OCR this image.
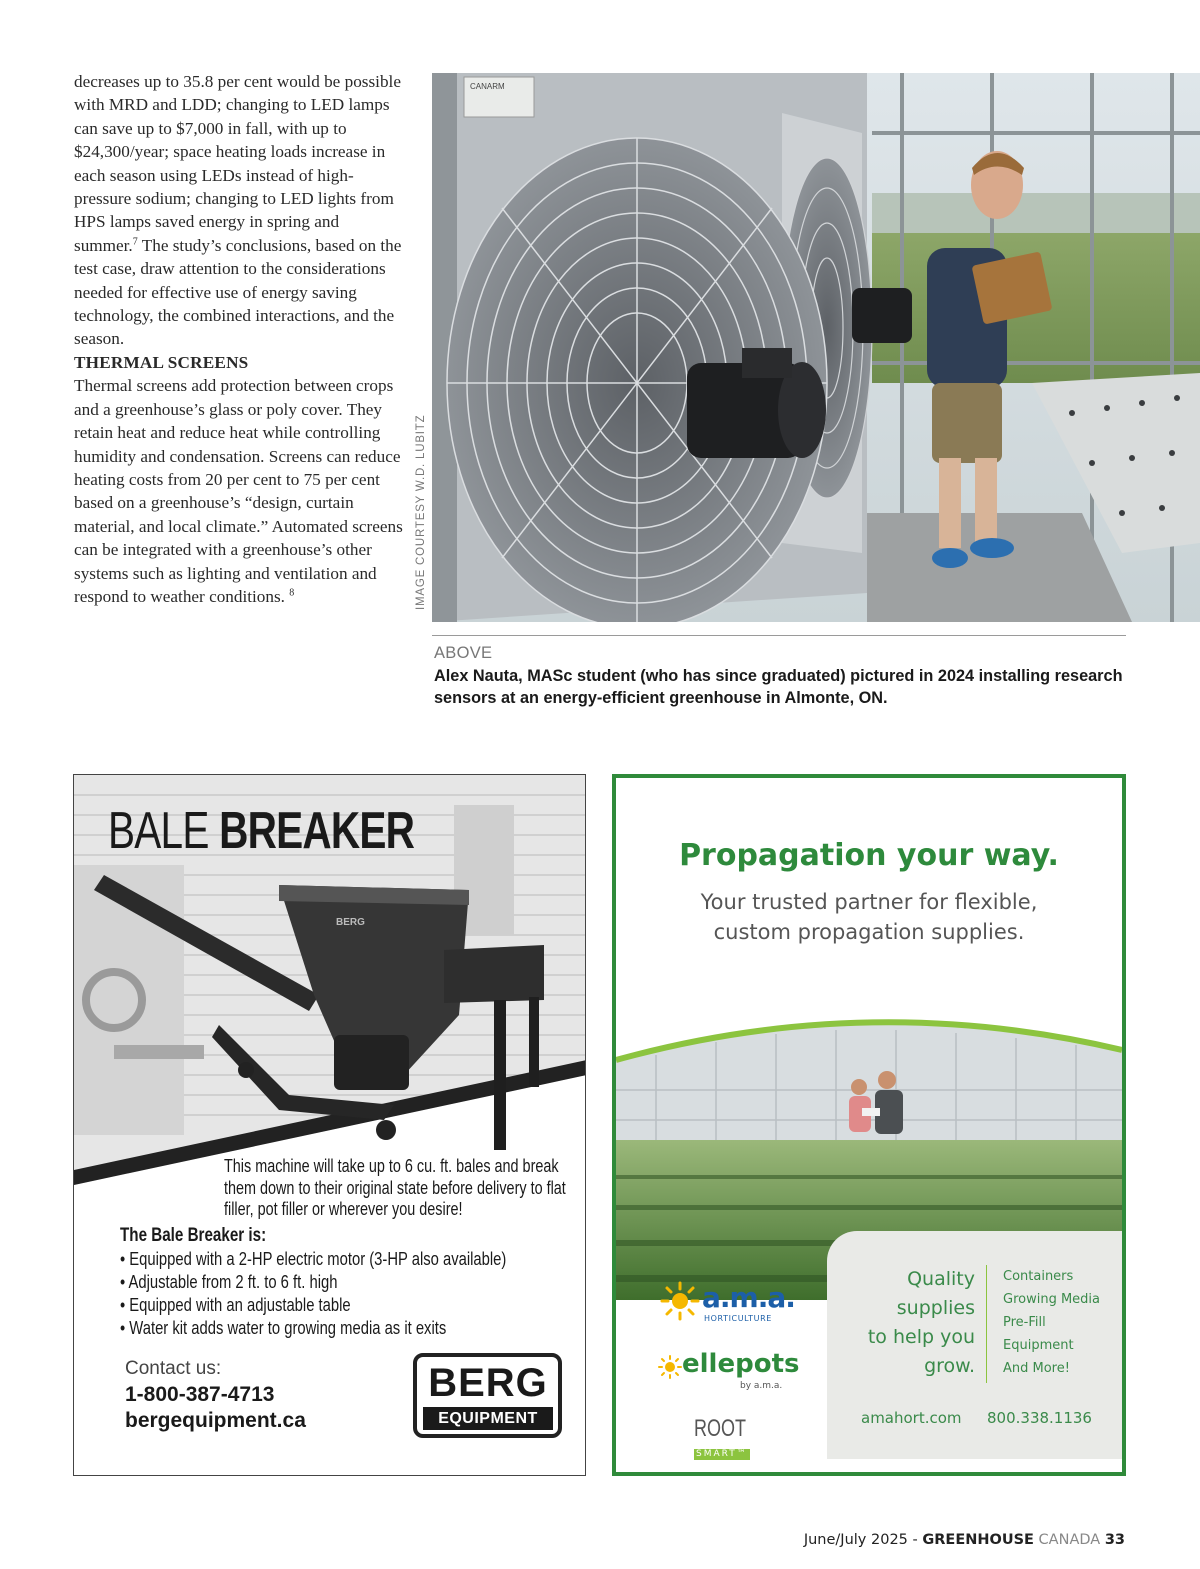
decreases up to 35.8 per cent would be possible with MRD and LDD; changing to LED lamps can save up to $7,000 in fall, with up to $24,300/year; space heating loads increase in each season using LEDs instead of high-pressure sodium; changing to LED lights from HPS lamps saved energy in spring and summer.$^7$ The study’s conclusions, based on the test case, draw attention to the considerations needed for effective use of energy saving technology, the combined interactions, and the season.

THERMAL SCREENS

Thermal screens add protection between crops and a greenhouse’s glass or poly cover. They retain heat and reduce heat while controlling humidity and condensation. Screens can reduce heating costs from 20 per cent to 75 per cent based on a greenhouse’s “design, curtain material, and local climate.” Automated screens can be integrated with a greenhouse’s other systems such as lighting and ventilation and respond to weather conditions. $^8$

CANARM
IMAGE COURTESY W.D. LUBITZ
ABOVE
Alex Nauta, MASc student (who has since graduated) pictured in 2024 installing research sensors at an energy-efficient greenhouse in Almonte, ON.
BERG
BALE BREAKER
This machine will take up to 6 cu. ft. bales and break them down to their original state before delivery to flat filler, pot filler or wherever you desire!
The Bale Breaker is:
• Equipped with a 2-HP electric motor (3-HP also available)
• Adjustable from 2 ft. to 6 ft. high
• Equipped with an adjustable table
• Water kit adds water to growing media as it exits
Contact us:
1-800-387-4713
bergequipment.ca
BERG
EQUIPMENT
Propagation your way.
Your trusted partner for flexible,
custom propagation supplies.
Quality
supplies
to help you
grow.
Containers
Growing Media
Pre-Fill
Equipment
And More!
amahort.com 800.338.1136
a.m.a.
HORTICULTURE
ellepots
by a.m.a.
ROOT
SMART™
June/July 2025 - GREENHOUSE CANADA 33
